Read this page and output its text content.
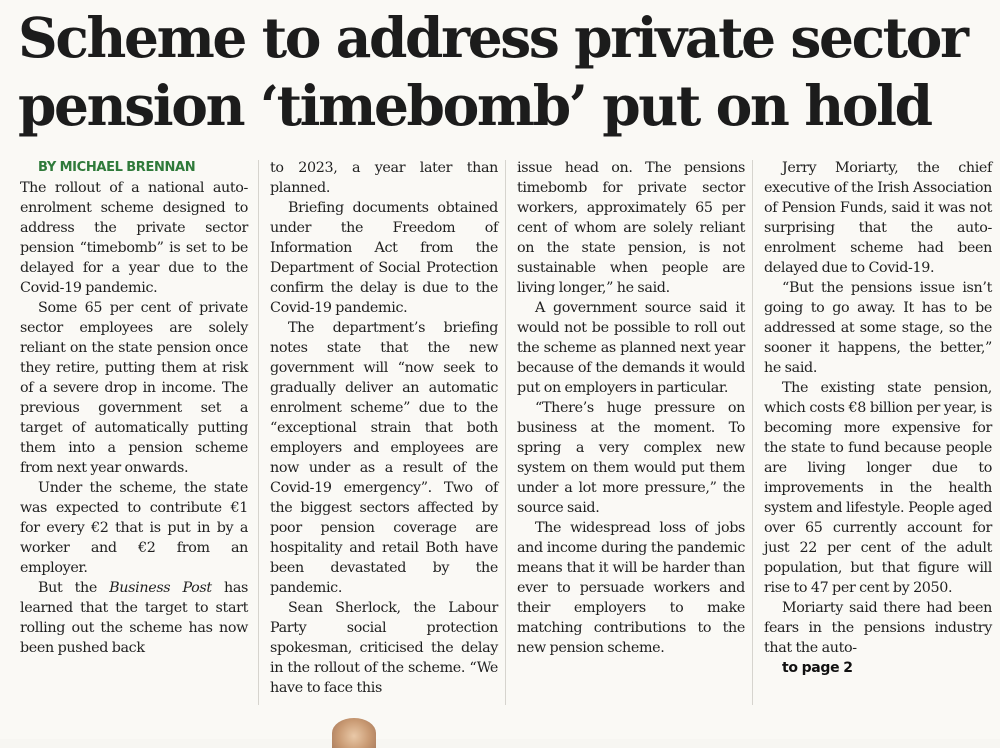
Scheme to address private sector
pension ‘timebomb’ put on hold

BY MICHAEL BRENNAN

The rollout of a national auto-enrolment scheme designed to address the private sector pension “timebomb” is set to be delayed for a year due to the Covid-19 pandemic.

Some 65 per cent of private sector employees are solely reliant on the state pension once they retire, putting them at risk of a severe drop in income. The previous government set a target of automatically putting them into a pension scheme from next year onwards.

Under the scheme, the state was expected to contribute €1 for every €2 that is put in by a worker and €2 from an employer.

But the Business Post has learned that the target to start rolling out the scheme has now been pushed back

to 2023, a year later than planned.

Briefing documents obtained under the Freedom of Information Act from the Department of Social Protection confirm the delay is due to the Covid-19 pandemic.

The department’s briefing notes state that the new government will “now seek to gradually deliver an automatic enrolment scheme” due to the “exceptional strain that both employers and employees are now under as a result of the Covid-19 emergency”. Two of the biggest sectors affected by poor pension coverage are hospitality and retail Both have been devastated by the pandemic.

Sean Sherlock, the Labour Party social protection spokesman, criticised the delay in the rollout of the scheme. “We have to face this

issue head on. The pensions timebomb for private sector workers, approximately 65 per cent of whom are solely reliant on the state pension, is not sustainable when people are living longer,” he said.

A government source said it would not be possible to roll out the scheme as planned next year because of the demands it would put on employers in particular.

“There’s huge pressure on business at the moment. To spring a very complex new system on them would put them under a lot more pressure,” the source said.

The widespread loss of jobs and income during the pandemic means that it will be harder than ever to persuade workers and their employers to make matching contributions to the new pension scheme.

Jerry Moriarty, the chief executive of the Irish Association of Pension Funds, said it was not surprising that the auto-enrolment scheme had been delayed due to Covid-19.

“But the pensions issue isn’t going to go away. It has to be addressed at some stage, so the sooner it happens, the better,” he said.

The existing state pension, which costs €8 billion per year, is becoming more expensive for the state to fund because people are living longer due to improvements in the health system and lifestyle. People aged over 65 currently account for just 22 per cent of the adult population, but that figure will rise to 47 per cent by 2050.

Moriarty said there had been fears in the pensions industry that the auto-

to page 2
